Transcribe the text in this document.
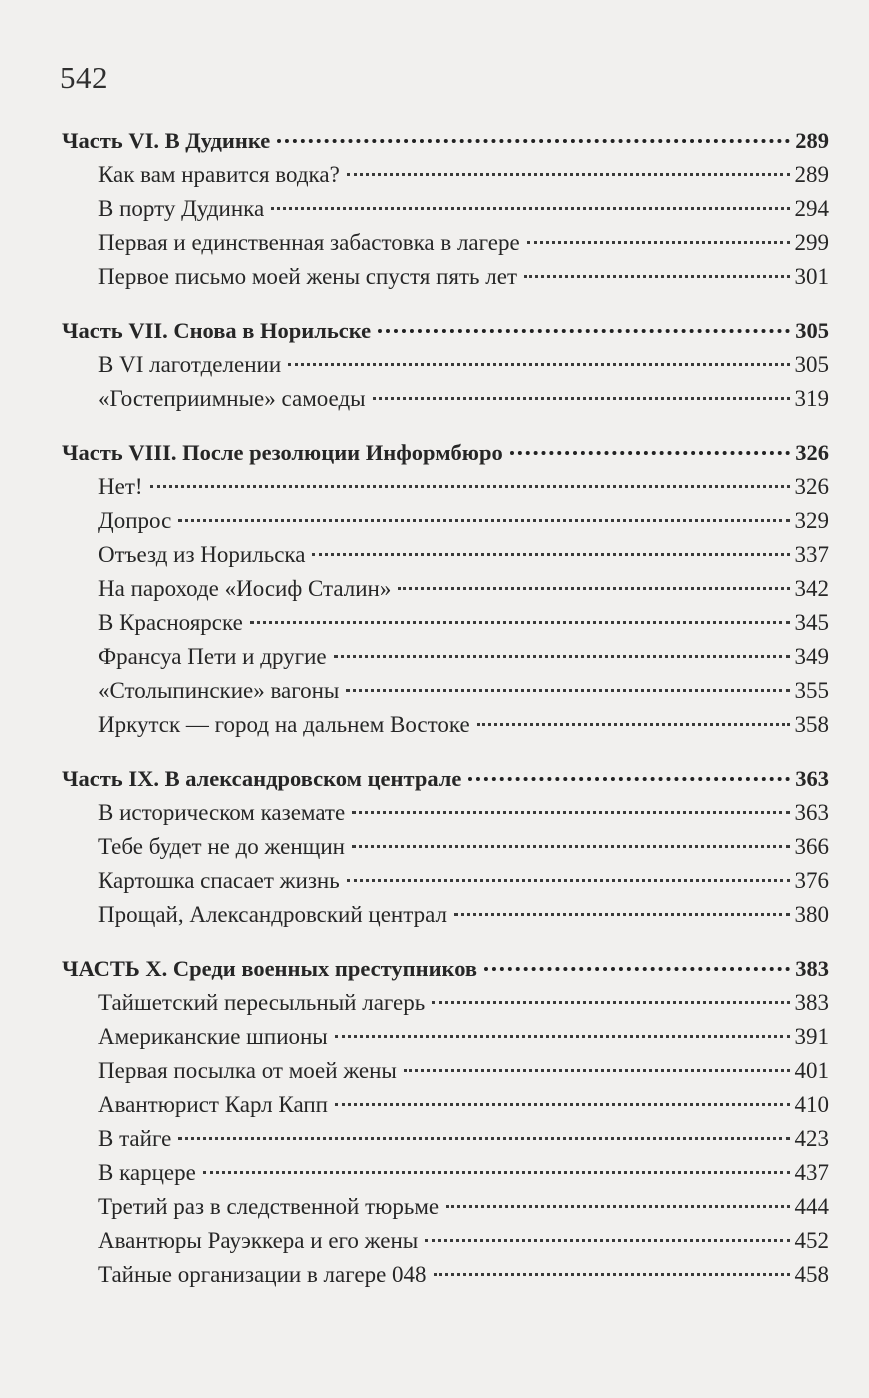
542
Часть VI. В Дудинке	289
Как вам нравится водка?	289
В порту Дудинка	294
Первая и единственная забастовка в лагере	299
Первое письмо моей жены спустя пять лет	301
Часть VII. Снова в Норильске	305
В VI лаготделении	305
«Гостеприимные» самоеды	319
Часть VIII. После резолюции Информбюро	326
Нет!	326
Допрос	329
Отъезд из Норильска	337
На пароходе «Иосиф Сталин»	342
В Красноярске	345
Франсуа Пети и другие	349
«Столыпинские» вагоны	355
Иркутск — город на дальнем Востоке	358
Часть IX. В александровском централе	363
В историческом каземате	363
Тебе будет не до женщин	366
Картошка спасает жизнь	376
Прощай, Александровский централ	380
ЧАСТЬ X. Среди военных преступников	383
Тайшетский пересыльный лагерь	383
Американские шпионы	391
Первая посылка от моей жены	401
Авантюрист Карл Капп	410
В тайге	423
В карцере	437
Третий раз в следственной тюрьме	444
Авантюры Рауэккера и его жены	452
Тайные организации в лагере 048	458
